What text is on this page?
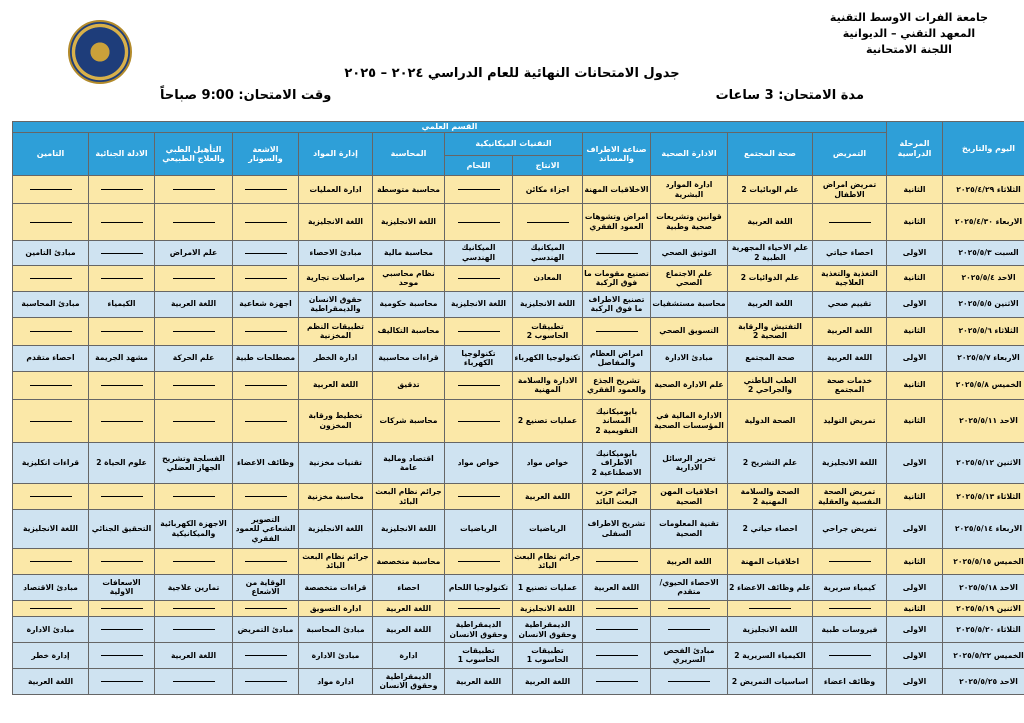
جامعة الفرات الاوسط التقنية
المعهد التقني – الديوانية
اللجنة الامتحانية
جدول الامتحانات النهائية للعام الدراسي ٢٠٢٤ – ٢٠٢٥
مدة الامتحان: 3 ساعات
وقت الامتحان: 9:00 صباحاً
اليوم والتاريخ	المرحلة الدراسية	القسم العلمي											
		التمريض	صحة المجتمع	الادارة الصحية	صناعة الاطراف والمساند	التقنيات الميكانيكية		المحاسبة	إدارة المواد	الاشعة والسونار	التأهيل الطبي والعلاج الطبيعي	الادلة الجنائية	التامين
						الانتاج	اللحام						
الثلاثاء ٢٠٢٥/٤/٢٩	الثانية	تمريض امراض الاطفال	علم الوبائيات 2	ادارة الموارد البشرية	الاخلاقيات المهنة	اجزاء مكائن		محاسبة متوسطة	ادارة العمليات				
الاربعاء ٢٠٢٥/٤/٣٠	الثانية		اللغة العربية	قوانين وتشريعات صحية وطبية	امراض وتشوهات العمود الفقري			اللغة الانجليزية	اللغة الانجليزية				
السبت ٢٠٢٥/٥/٣	الاولى	احصاء حياتي	علم الاحياء المجهرية الطبية 2	التوثيق الصحي		الميكانيك الهندسي	الميكانيك الهندسي	محاسبة مالية	مبادئ الاحصاء		علم الامراض		مبادئ التامين
الاحد ٢٠٢٥/٥/٤	الثانية	التغذية والتغذية العلاجية	علم الدوائيات 2	علم الاجتماع الصحي	تصنيع مقومات ما فوق الركبة	المعادن		نظام محاسبي موحد	مراسلات تجارية				
الاثنين ٢٠٢٥/٥/٥	الاولى	تقييم صحي	اللغة العربية	محاسبة مستشفيات	تصنيع الاطراف ما فوق الركبة	اللغة الانجليزية	اللغة الانجليزية	محاسبة حكومية	حقوق الانسان والديمقراطية	اجهزة شعاعية	اللغة العربية	الكيمياء	مبادئ المحاسبة
الثلاثاء ٢٠٢٥/٥/٦	الثانية	اللغة العربية	التفتيش والرقابة الصحية 2	التسويق الصحي		تطبيقات الحاسوب 2		محاسبة التكاليف	تطبيقات النظم المخزنية				
الاربعاء ٢٠٢٥/٥/٧	الاولى	اللغة العربية	صحة المجتمع	مبادئ الادارة	امراض العظام والمفاصل	تكنولوجيا الكهرباء	تكنولوجيا الكهرباء	قراءات محاسبية	ادارة الخطر	مصطلحات طبية	علم الحركة	مشهد الجريمة	احصاء متقدم
الخميس ٢٠٢٥/٥/٨	الثانية	خدمات صحة المجتمع	الطب الباطني والجراحي 2	علم الادارة الصحية	تشريح الجذع والعمود الفقري	الادارة والسلامة المهنية		تدقيق	اللغة العربية				
الاحد ٢٠٢٥/٥/١١	الثانية	تمريض التوليد	الصحة الدولية	الادارة المالية في المؤسسات الصحية	بايوميكانيك المساند التقويمية 2	عمليات تصنيع 2		محاسبة شركات	تخطيط ورقابة المخزون				
الاثنين ٢٠٢٥/٥/١٢	الاولى	اللغة الانجليزية	علم التشريح 2	تحرير الرسائل الادارية	بايوميكانيك الاطراف الاصطناعية 2	خواص مواد	خواص مواد	اقتصاد ومالية عامة	تقنيات مخزنية	وظائف الاعضاء	الفسلجة وتشريح الجهاز العضلي	علوم الحياة 2	قراءات انكليزية
الثلاثاء ٢٠٢٥/٥/١٣	الثانية	تمريض الصحة النفسية والعقلية	الصحة والسلامة المهنية 2	اخلاقيات المهن الصحية	جرائم حزب البعث البائد	اللغة العربية		جرائم نظام البعث البائد	محاسبة مخزنية				
الاربعاء ٢٠٢٥/٥/١٤	الاولى	تمريض جراحي	احصاء حياتي 2	تقنية المعلومات الصحية	تشريح الاطراف السفلى	الرياضيات	الرياضيات	اللغة الانجليزية	اللغة الانجليزية	التصوير الشعاعي للعمود الفقري	الاجهزة الكهربائية والميكانيكية	التحقيق الجنائي	اللغة الانجليزية
الخميس ٢٠٢٥/٥/١٥	الثانية		اخلاقيات المهنة	اللغة العربية		جرائم نظام البعث البائد		محاسبة متخصصة	جرائم نظام البعث البائد				
الاحد ٢٠٢٥/٥/١٨	الاولى	كيمياء سريرية	علم وظائف الاعضاء 2	الاحصاء الحيوي/ متقدم	اللغة العربية	عمليات تصنيع 1	تكنولوجيا اللحام	احصاء	قراءات متخصصة	الوقاية من الاشعاع	تمارين علاجية	الاسعافات الاولية	مبادئ الاقتصاد
الاثنين ٢٠٢٥/٥/١٩	الثانية					اللغة الانجليزية		اللغة العربية	ادارة التسويق				
الثلاثاء ٢٠٢٥/٥/٢٠	الاولى	فيروسات طبية	اللغة الانجليزية			الديمقراطية وحقوق الانسان	الديمقراطية وحقوق الانسان	اللغة العربية	مبادئ المحاسبة	مبادئ التمريض			مبادئ الادارة
الخميس ٢٠٢٥/٥/٢٢	الاولى		الكيمياء السريرية 2	مبادئ الفحص السريري		تطبيقات الحاسوب 1	تطبيقات الحاسوب 1	ادارة	مبادئ الادارة		اللغة العربية		إدارة خطر
الاحد ٢٠٢٥/٥/٢٥	الاولى	وظائف اعضاء	اساسيات التمريض 2			اللغة العربية	اللغة العربية	الديمقراطية وحقوق الانسان	ادارة مواد				اللغة العربية
